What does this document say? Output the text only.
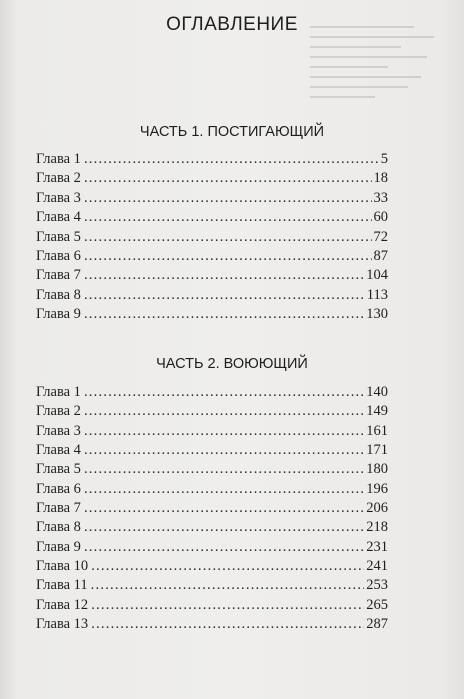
ОГЛАВЛЕНИЕ
ЧАСТЬ 1. ПОСТИГАЮЩИЙ
Глава 1 . . .	5
Глава 2 . . .	18
Глава 3 . . .	33
Глава 4 . . .	60
Глава 5 . . .	72
Глава 6 . . .	87
Глава 7 . . .	104
Глава 8 . . .	113
Глава 9 . . .	130
ЧАСТЬ 2. ВОЮЮЩИЙ
Глава 1 . . .	140
Глава 2 . . .	149
Глава 3 . . .	161
Глава 4 . . .	171
Глава 5 . . .	180
Глава 6 . . .	196
Глава 7 . . .	206
Глава 8 . . .	218
Глава 9 . . .	231
Глава 10 . . .	241
Глава 11 . . .	253
Глава 12 . . .	265
Глава 13 . . .	287
